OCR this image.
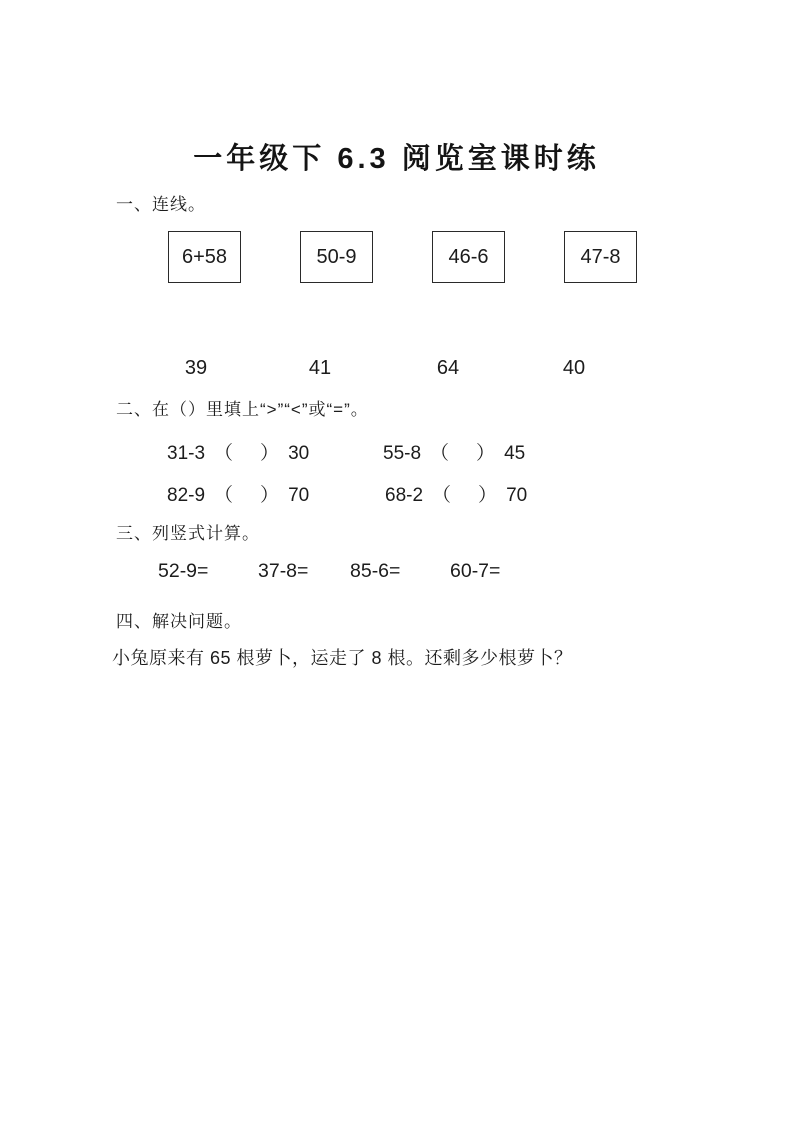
一年级下 6.3 阅览室课时练
一、连线。
6+58	50-9	46-6	47-8
39	41	64	40
二、在（）里填上“>”“<”或“=”。
31-3 （ ） 30	55-8 （ ） 45
82-9 （ ） 70	68-2 （ ） 70
三、列竖式计算。
52-9=	37-8= 85-6=	60-7=
四、解决问题。
小兔原来有 65 根萝卜，运走了 8 根。还剩多少根萝卜？
